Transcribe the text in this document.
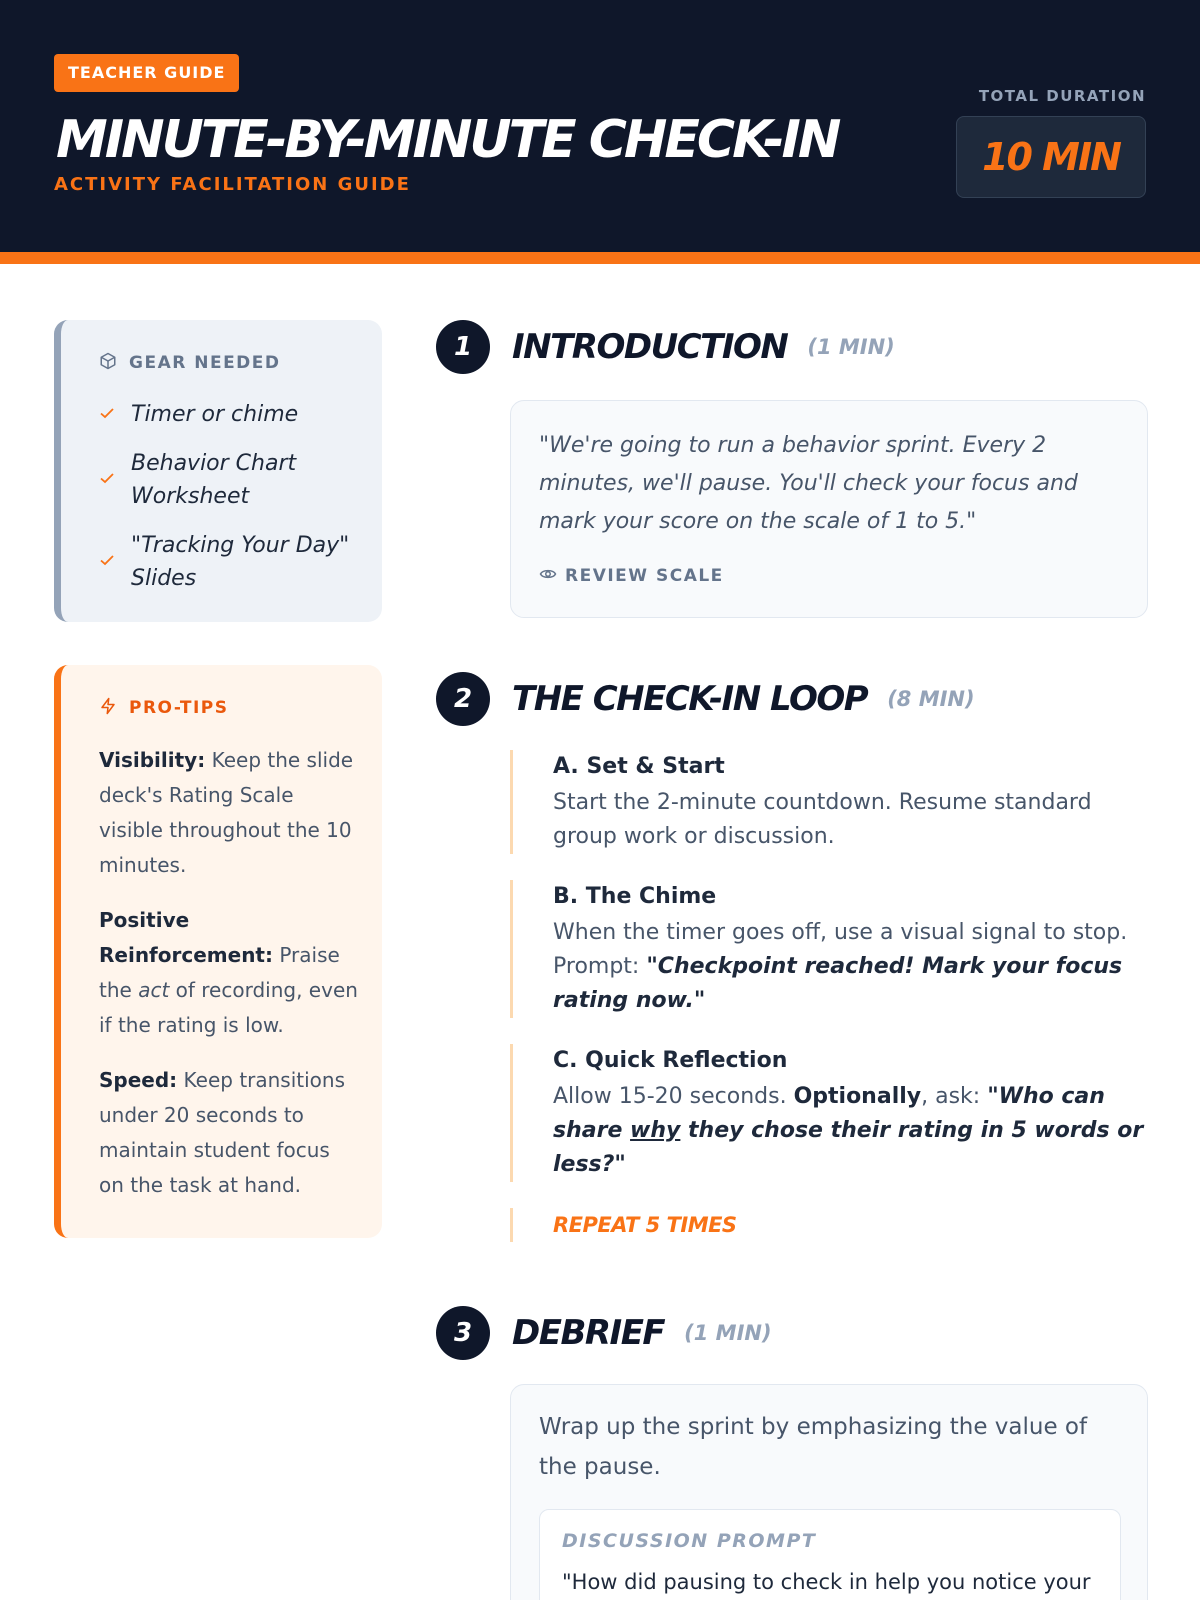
TEACHER GUIDE
MINUTE-BY-MINUTE CHECK-IN
ACTIVITY FACILITATION GUIDE
TOTAL DURATION
10 MIN
GEAR NEEDED
Timer or chime
Behavior Chart Worksheet
"Tracking Your Day" Slides
PRO-TIPS

Visibility: Keep the slide deck's Rating Scale visible throughout the 10 minutes.

Positive Reinforcement: Praise the act of recording, even if the rating is low.

Speed: Keep transitions under 20 seconds to maintain student focus on the task at hand.

1	INTRODUCTION (1 MIN)
"We're going to run a behavior sprint. Every 2 minutes, we'll pause. You'll check your focus and mark your score on the scale of 1 to 5."
REVIEW SCALE
2	THE CHECK-IN LOOP (8 MIN)
A. Set & Start
Start the 2-minute countdown. Resume standard group work or discussion.
B. The Chime
When the timer goes off, use a visual signal to stop. Prompt: "Checkpoint reached! Mark your focus rating now."
C. Quick Reflection
Allow 15-20 seconds. Optionally, ask: "Who can share why they chose their rating in 5 words or less?"
REPEAT 5 TIMES
3	DEBRIEF (1 MIN)
Wrap up the sprint by emphasizing the value of the pause.
DISCUSSION PROMPT
"How did pausing to check in help you notice your
